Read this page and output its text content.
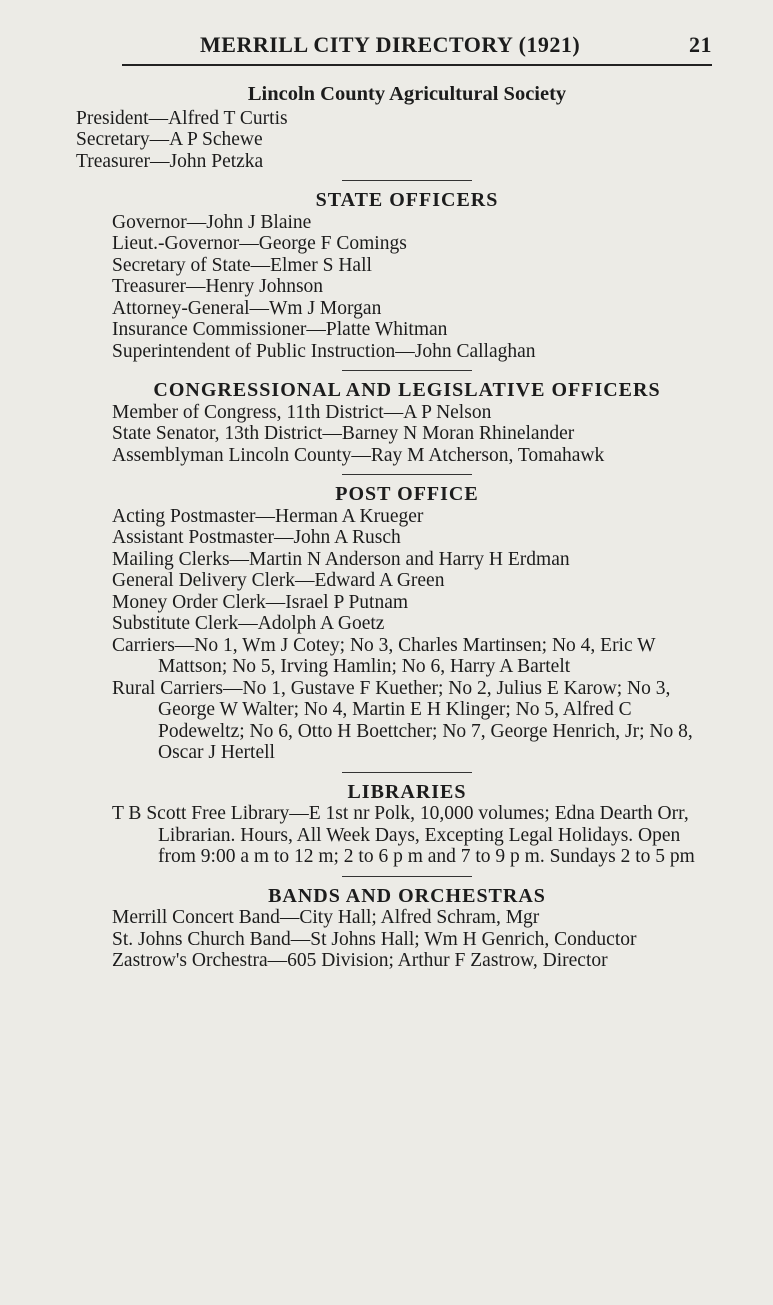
MERRILL CITY DIRECTORY (1921)	21

Lincoln County Agricultural Society

President—Alfred T Curtis

Secretary—A P Schewe

Treasurer—John Petzka

STATE OFFICERS

Governor—John J Blaine

Lieut.-Governor—George F Comings

Secretary of State—Elmer S Hall

Treasurer—Henry Johnson

Attorney-General—Wm J Morgan

Insurance Commissioner—Platte Whitman

Superintendent of Public Instruction—John Callaghan

CONGRESSIONAL AND LEGISLATIVE OFFICERS

Member of Congress, 11th District—A P Nelson

State Senator, 13th District—Barney N Moran Rhinelander

Assemblyman Lincoln County—Ray M Atcherson, Tomahawk

POST OFFICE

Acting Postmaster—Herman A Krueger

Assistant Postmaster—John A Rusch

Mailing Clerks—Martin N Anderson and Harry H Erdman

General Delivery Clerk—Edward A Green

Money Order Clerk—Israel P Putnam

Substitute Clerk—Adolph A Goetz

Carriers—No 1, Wm J Cotey; No 3, Charles Martinsen; No 4, Eric W Mattson; No 5, Irving Hamlin; No 6, Harry A Bartelt

Rural Carriers—No 1, Gustave F Kuether; No 2, Julius E Karow; No 3, George W Walter; No 4, Martin E H Klinger; No 5, Alfred C Podeweltz; No 6, Otto H Boettcher; No 7, George Henrich, Jr; No 8, Oscar J Hertell

LIBRARIES

T B Scott Free Library—E 1st nr Polk, 10,000 volumes; Edna Dearth Orr, Librarian. Hours, All Week Days, Excepting Legal Holidays. Open from 9:00 a m to 12 m; 2 to 6 p m and 7 to 9 p m. Sundays 2 to 5 pm

BANDS AND ORCHESTRAS

Merrill Concert Band—City Hall; Alfred Schram, Mgr

St. Johns Church Band—St Johns Hall; Wm H Genrich, Conductor

Zastrow's Orchestra—605 Division; Arthur F Zastrow, Director
